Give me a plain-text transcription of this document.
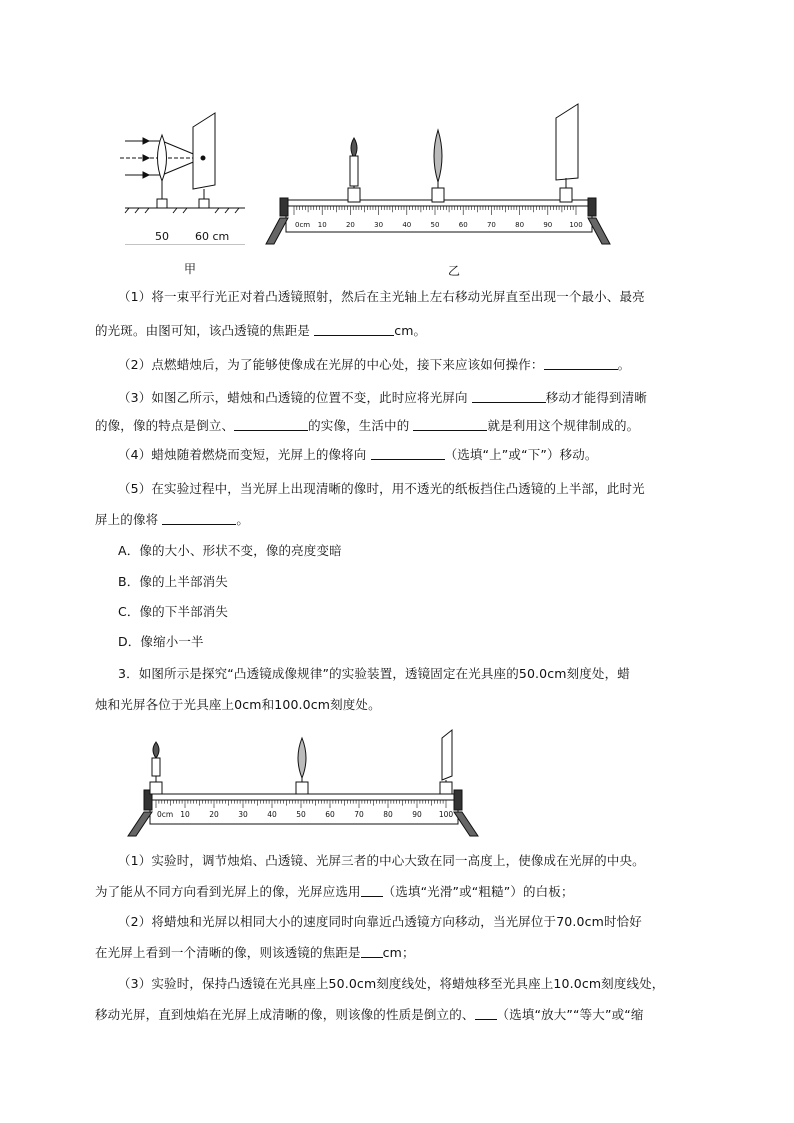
50 60 cm
甲
0cm 10	20	30	40	50	60	70	80	90 100
乙
（1）将一束平行光正对着凸透镜照射，然后在主光轴上左右移动光屏直至出现一个最小、最亮
的光斑。由图可知，该凸透镜的焦距是	cm。
（2）点燃蜡烛后，为了能够使像成在光屏的中心处，接下来应该如何操作：	。
（3）如图乙所示，蜡烛和凸透镜的位置不变，此时应将光屏向	移动才能得到清晰
的像，像的特点是倒立、	的实像，生活中的	就是利用这个规律制成的。
（4）蜡烛随着燃烧而变短，光屏上的像将向	（选填“上”或“下”）移动。
（5）在实验过程中，当光屏上出现清晰的像时，用不透光的纸板挡住凸透镜的上半部，此时光
屏上的像将	。
A．像的大小、形状不变，像的亮度变暗
B．像的上半部消失
C．像的下半部消失
D．像缩小一半
3．如图所示是探究“凸透镜成像规律”的实验装置，透镜固定在光具座的50.0cm刻度处，蜡
烛和光屏各位于光具座上0cm和100.0cm刻度处。
0cm 10	20	30	40	50	60	70	80	90 100
（1）实验时，调节烛焰、凸透镜、光屏三者的中心大致在同一高度上，使像成在光屏的中央。
为了能从不同方向看到光屏上的像，光屏应选用 （选填“光滑”或“粗糙”）的白板；
（2）将蜡烛和光屏以相同大小的速度同时向靠近凸透镜方向移动，当光屏位于70.0cm时恰好
在光屏上看到一个清晰的像，则该透镜的焦距是 cm；
（3）实验时，保持凸透镜在光具座上50.0cm刻度线处，将蜡烛移至光具座上10.0cm刻度线处，
移动光屏，直到烛焰在光屏上成清晰的像，则该像的性质是倒立的、 （选填“放大”“等大”或“缩
